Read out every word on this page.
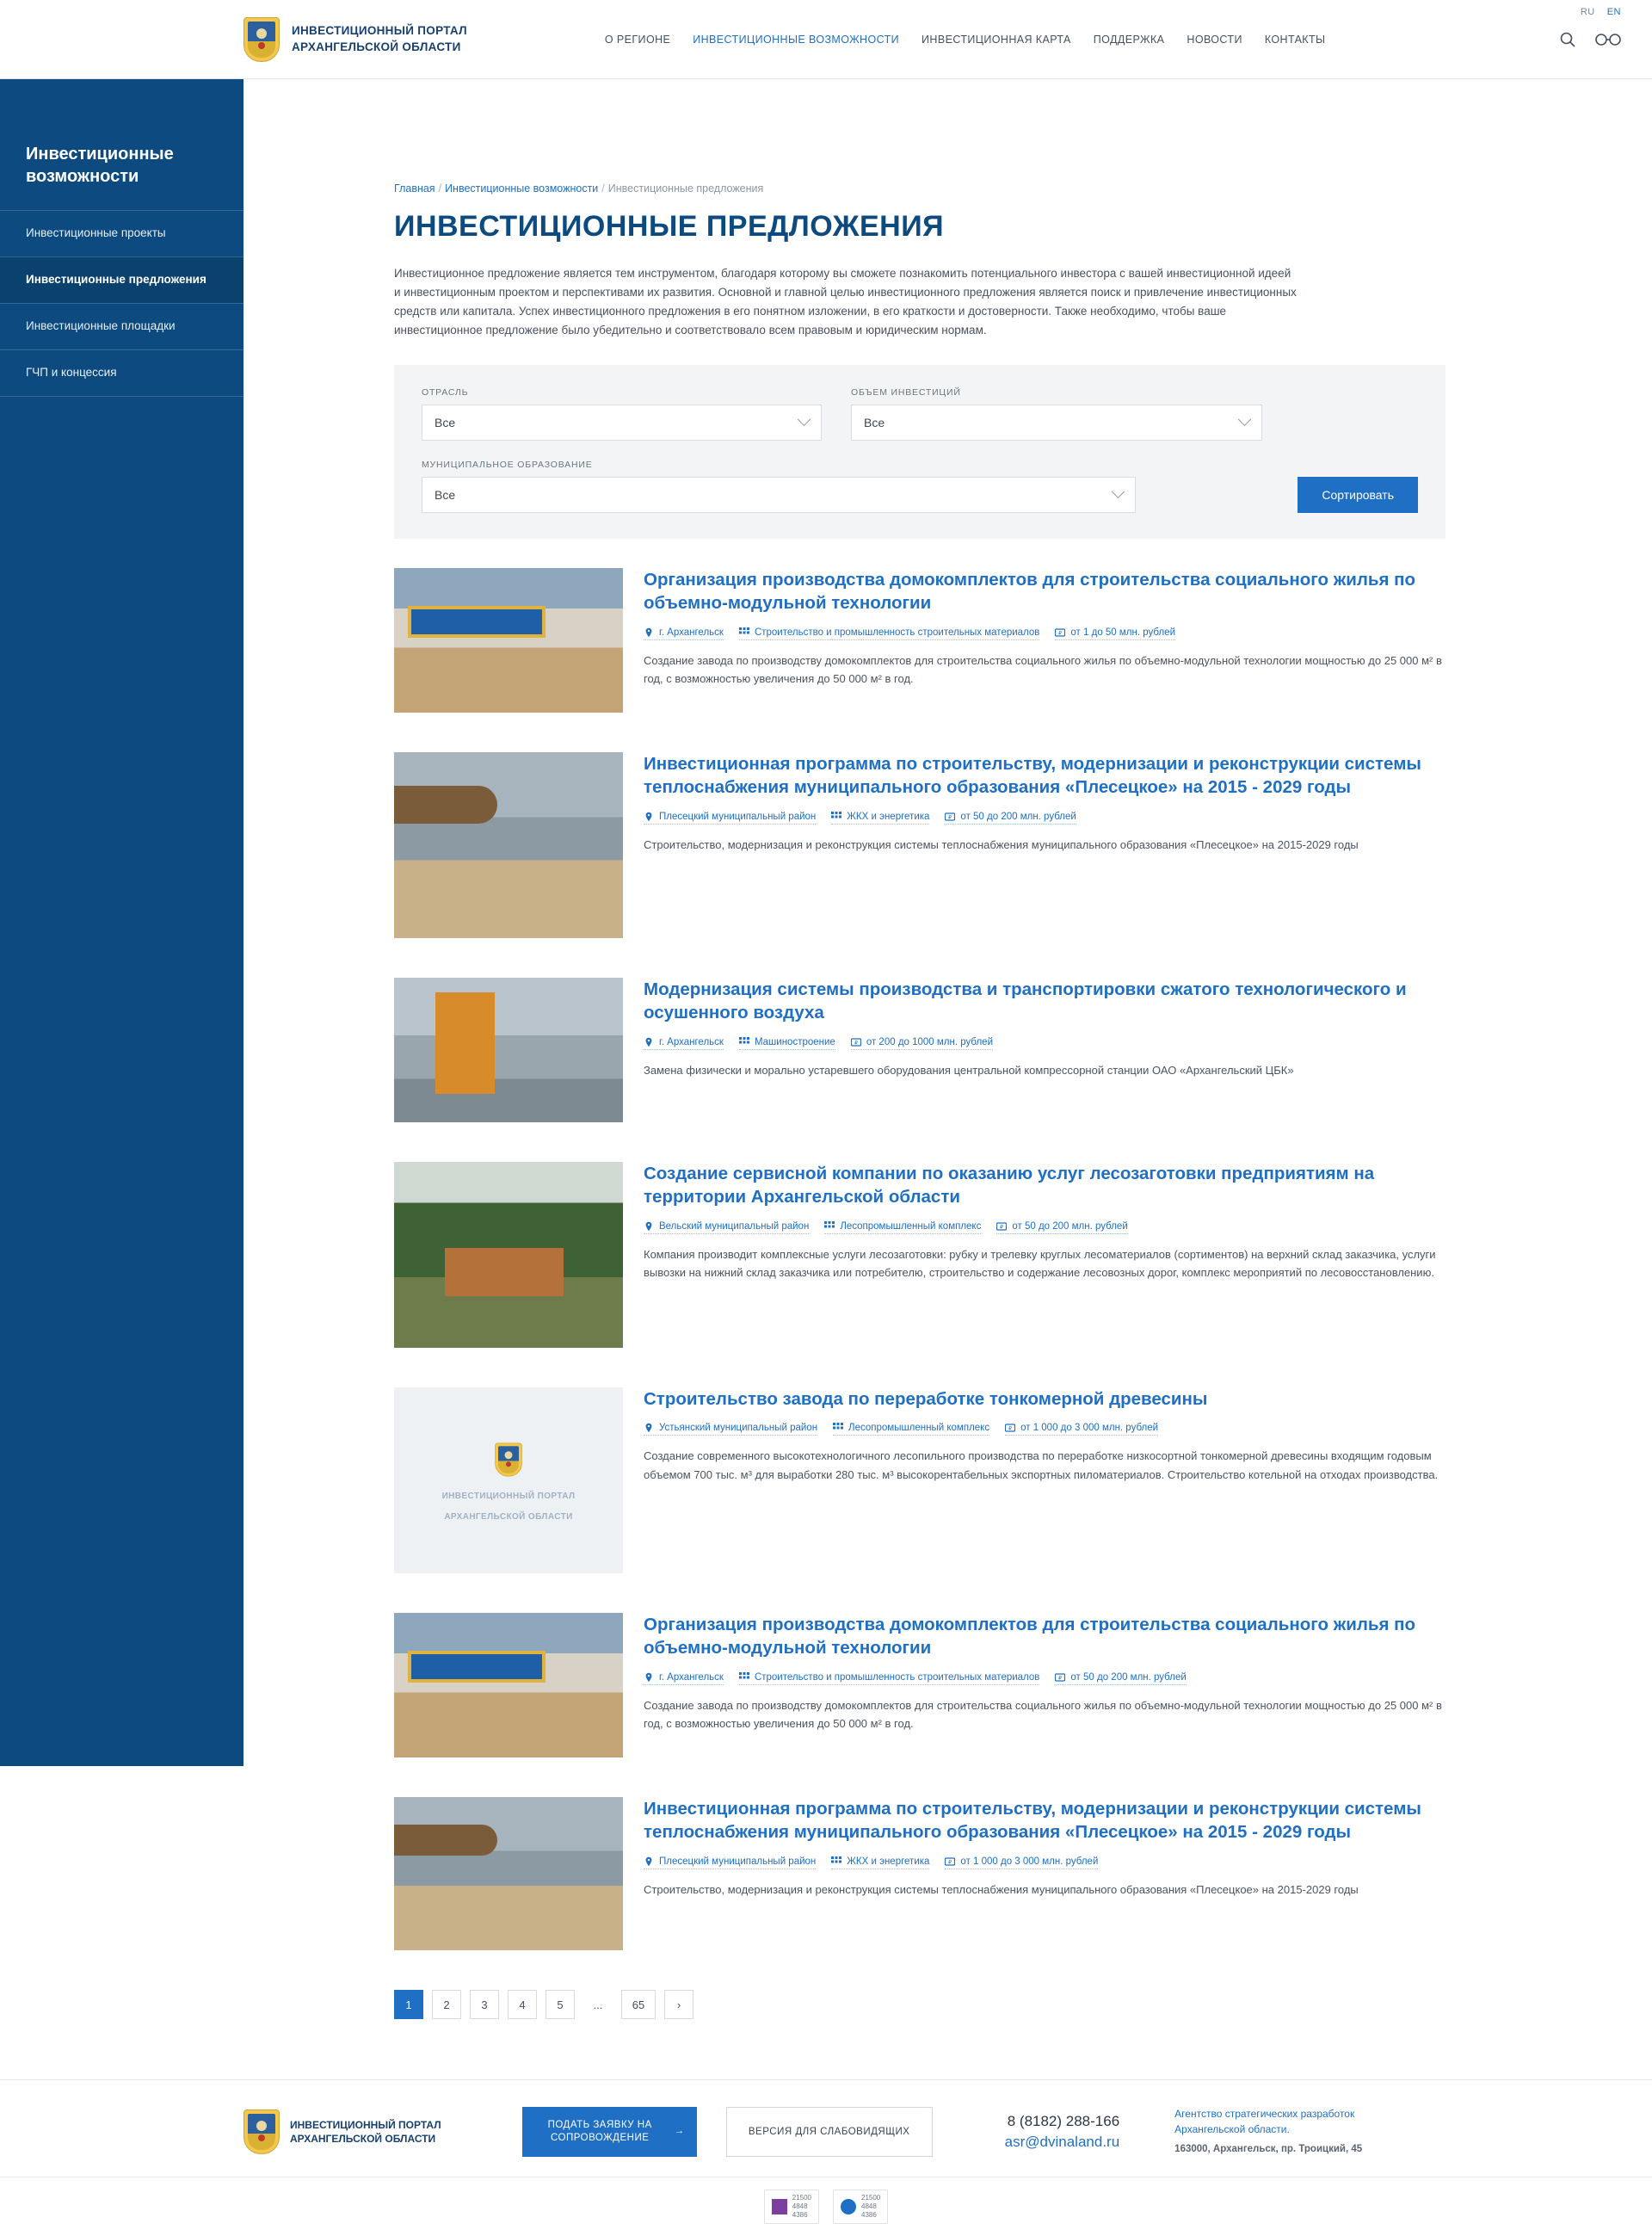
ИНВЕСТИЦИОННЫЙ ПОРТАЛ
АРХАНГЕЛЬСКОЙ ОБЛАСТИ
О РЕГИОНЕ ИНВЕСТИЦИОННЫЕ ВОЗМОЖНОСТИ ИНВЕСТИЦИОННАЯ КАРТА ПОДДЕРЖКА НОВОСТИ КОНТАКТЫ
RU EN
Инвестиционные возможности
Инвестиционные проекты
Инвестиционные предложения
Инвестиционные площадки
ГЧП и концессия
Главная / Инвестиционные возможности / Инвестиционные предложения
ИНВЕСТИЦИОННЫЕ ПРЕДЛОЖЕНИЯ

Инвестиционное предложение является тем инструментом, благодаря которому вы сможете познакомить потенциального инвестора с вашей инвестиционной идеей и инвестиционным проектом и перспективами их развития. Основной и главной целью инвестиционного предложения является поиск и привлечение инвестиционных средств или капитала. Успех инвестиционного предложения в его понятном изложении, в его краткости и достоверности. Также необходимо, чтобы ваше инвестиционное предложение было убедительно и соответствовало всем правовым и юридическим нормам.

ОТРАСЛЬ
Все
ОБЪЕМ ИНВЕСТИЦИЙ
Все
МУНИЦИПАЛЬНОЕ ОБРАЗОВАНИЕ
Все	Сортировать
Организация производства домокомплектов для строительства социального жилья по объемно-модульной технологии
г. Архангельск	Строительство и промышленность строительных материалов	₽ от 1 до 50 млн. рублей

Создание завода по производству домокомплектов для строительства социального жилья по объемно-модульной технологии мощностью до 25 000 м² в год, с возможностью увеличения до 50 000 м² в год.

Инвестиционная программа по строительству, модернизации и реконструкции системы теплоснабжения муниципального образования «Плесецкое» на 2015 - 2029 годы
Плесецкий муниципальный район	ЖКХ и энергетика	₽ от 50 до 200 млн. рублей

Строительство, модернизация и реконструкция системы теплоснабжения муниципального образования «Плесецкое» на 2015-2029 годы

Модернизация системы производства и транспортировки сжатого технологического и осушенного воздуха
г. Архангельск	Машиностроение	₽ от 200 до 1000 млн. рублей

Замена физически и морально устаревшего оборудования центральной компрессорной станции ОАО «Архангельский ЦБК»

Создание сервисной компании по оказанию услуг лесозаготовки предприятиям на территории Архангельской области
Вельский муниципальный район	Лесопромышленный комплекс	₽ от 50 до 200 млн. рублей

Компания производит комплексные услуги лесозаготовки: рубку и трелевку круглых лесоматериалов (сортиментов) на верхний склад заказчика, услуги вывозки на нижний склад заказчика или потребителю, строительство и содержание лесовозных дорог, комплекс мероприятий по лесовосстановлению.

ИНВЕСТИЦИОННЫЙ ПОРТАЛ
АРХАНГЕЛЬСКОЙ ОБЛАСТИ
Строительство завода по переработке тонкомерной древесины
Устьянский муниципальный район	Лесопромышленный комплекс	₽ от 1 000 до 3 000 млн. рублей

Создание современного высокотехнологичного лесопильного производства по переработке низкосортной тонкомерной древесины входящим годовым объемом 700 тыс. м³ для выработки 280 тыс. м³ высокорентабельных экспортных пиломатериалов. Строительство котельной на отходах производства.

Организация производства домокомплектов для строительства социального жилья по объемно-модульной технологии
г. Архангельск	Строительство и промышленность строительных материалов	₽ от 50 до 200 млн. рублей

Создание завода по производству домокомплектов для строительства социального жилья по объемно-модульной технологии мощностью до 25 000 м² в год, с возможностью увеличения до 50 000 м² в год.

Инвестиционная программа по строительству, модернизации и реконструкции системы теплоснабжения муниципального образования «Плесецкое» на 2015 - 2029 годы
Плесецкий муниципальный район	ЖКХ и энергетика	₽ от 1 000 до 3 000 млн. рублей

Строительство, модернизация и реконструкция системы теплоснабжения муниципального образования «Плесецкое» на 2015-2029 годы

1	2	3	4	5	...	65	›
ИНВЕСТИЦИОННЫЙ ПОРТАЛ
АРХАНГЕЛЬСКОЙ ОБЛАСТИ
ПОДАТЬ ЗАЯВКУ НА СОПРОВОЖДЕНИЕ
→	ВЕРСИЯ ДЛЯ СЛАБОВИДЯЩИХ
8 (8182) 288-166
asr@dvinaland.ru
Агентство стратегических разработок
Архангельской области.
163000, Архангельск, пр. Троицкий, 45
21500
4848
4386
21500
4848
4386
